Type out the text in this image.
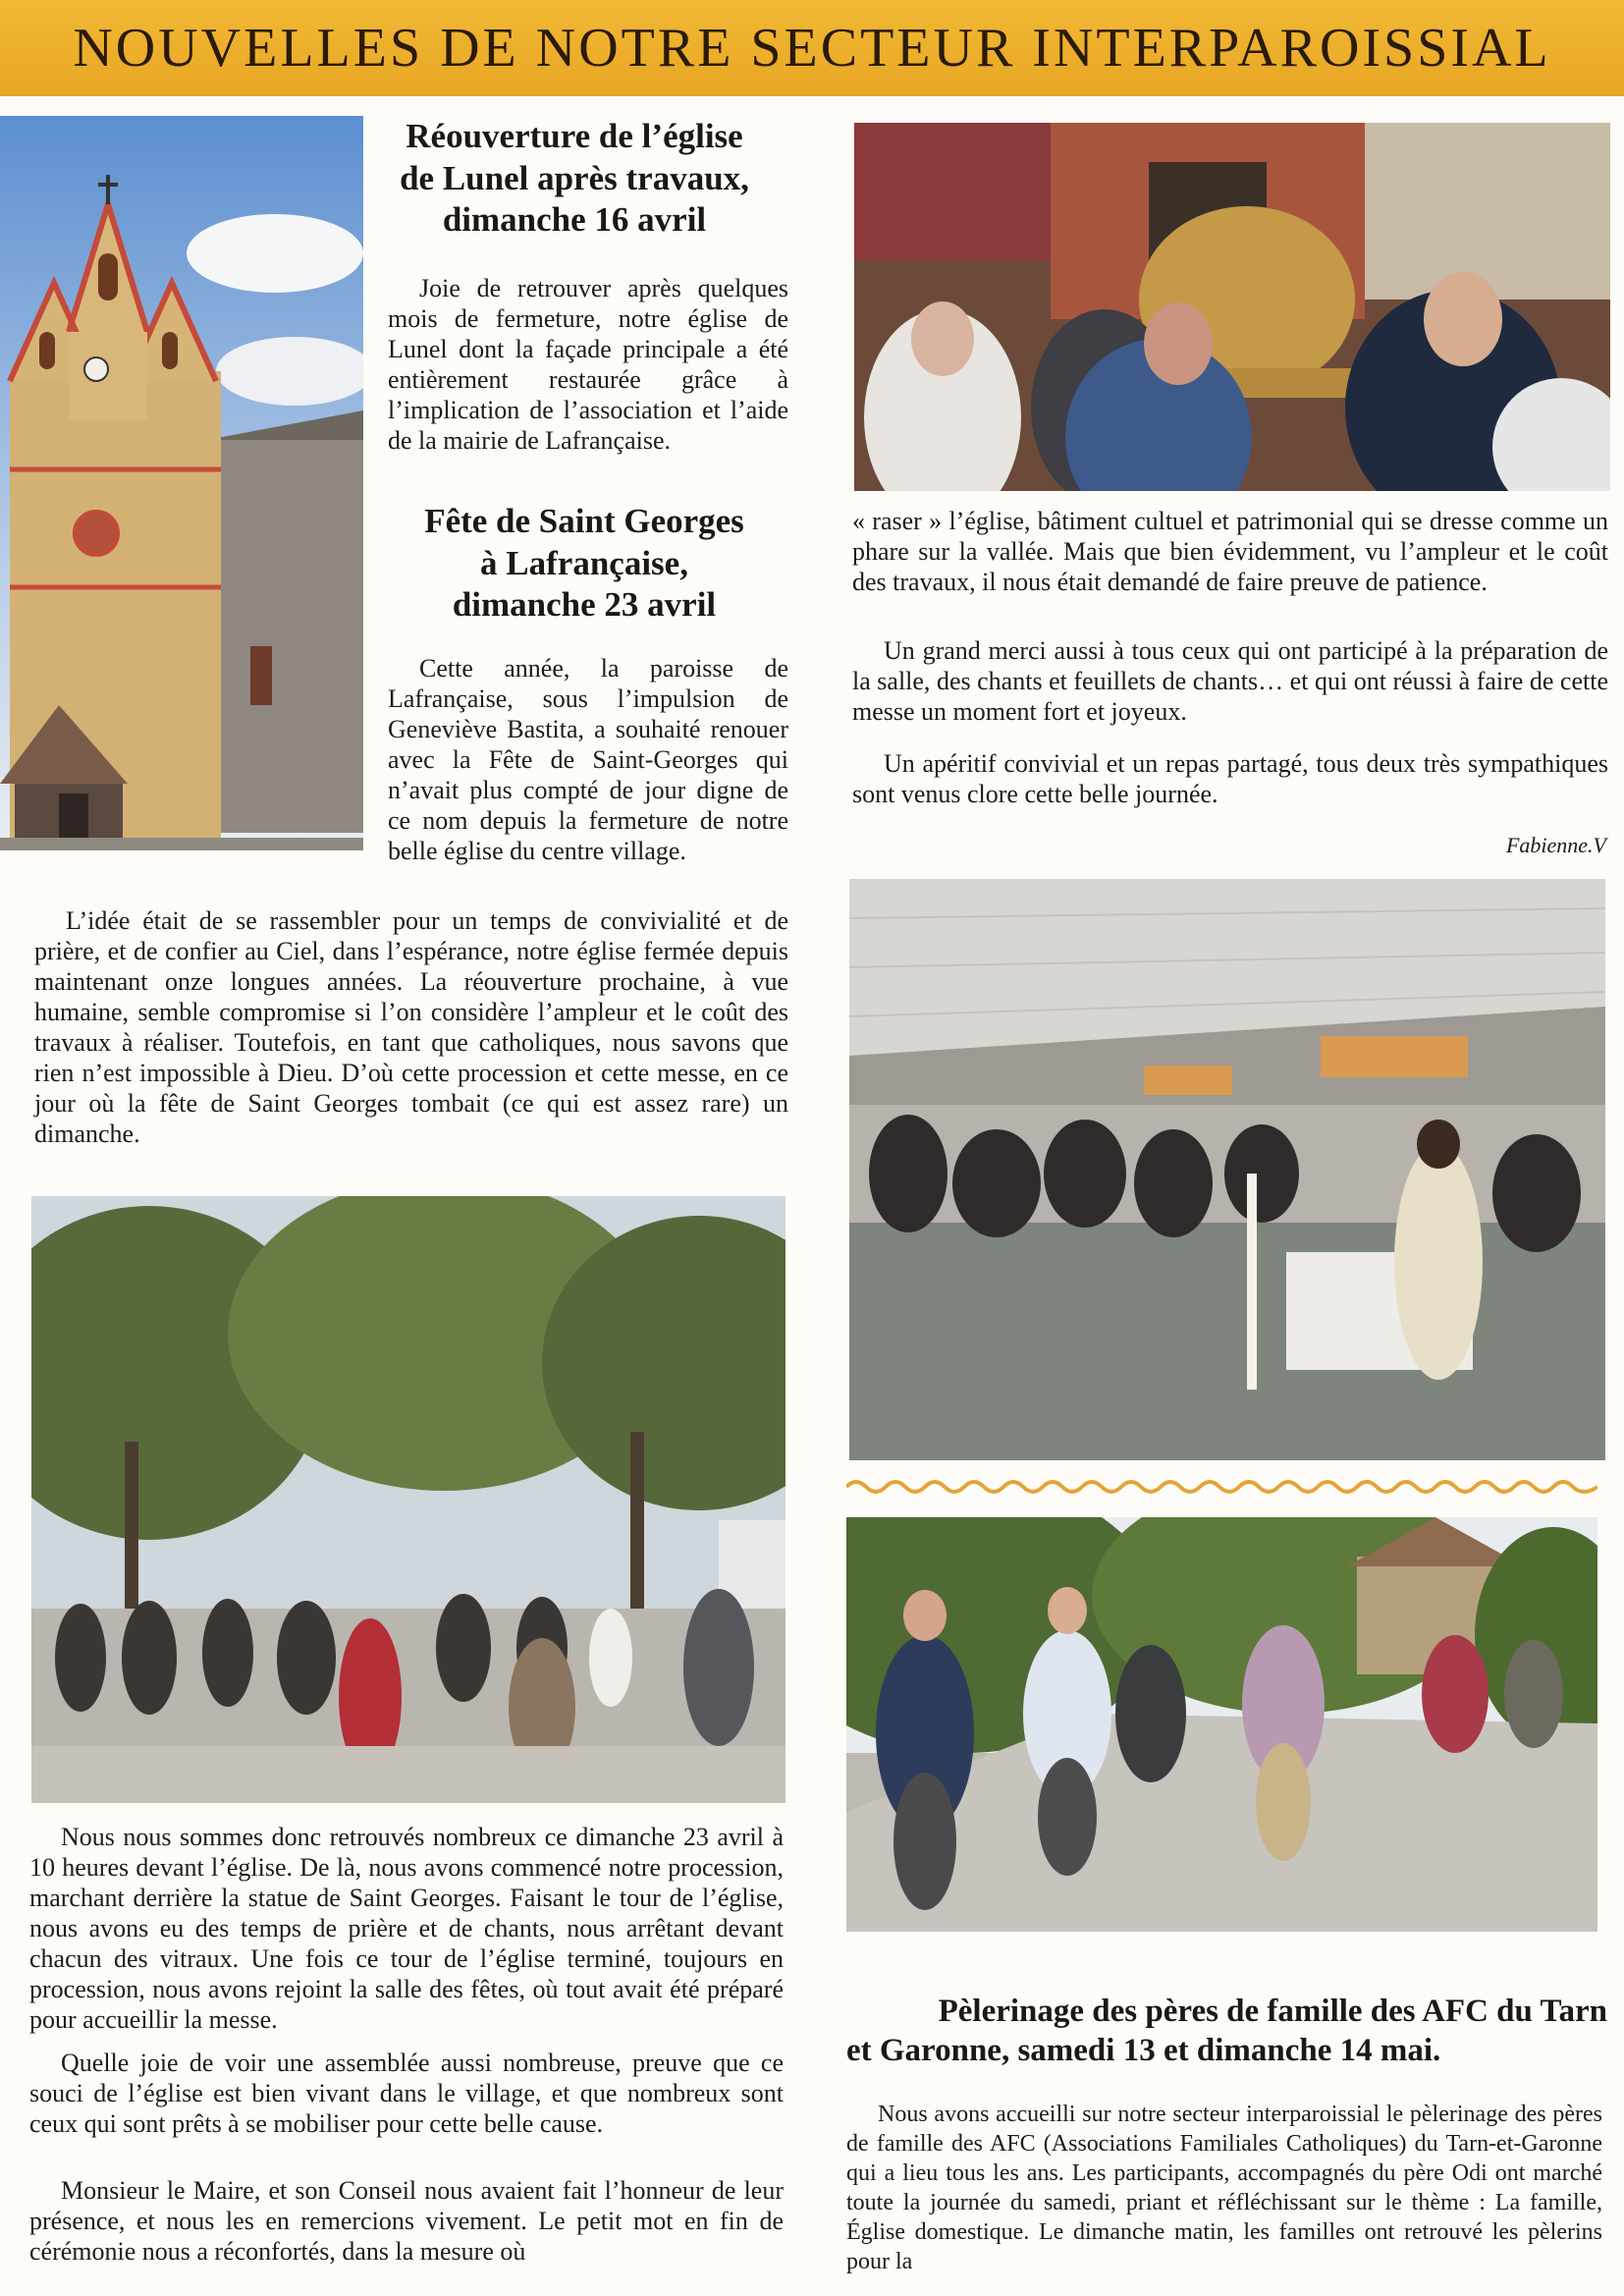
NOUVELLES DE NOTRE SECTEUR INTERPAROISSIAL

Réouverture de l’église

de Lunel après travaux,

dimanche 16 avril

Joie de retrouver après quelques mois de fermeture, notre église de Lunel dont la façade principale a été entièrement restaurée grâce à l’implication de l’association et l’aide de la mairie de Lafrançaise.

Fête de Saint Georges

à Lafrançaise,

dimanche 23 avril

Cette année, la paroisse de Lafrançaise, sous l’impulsion de Geneviève Bastita, a souhaité renouer avec la Fête de Saint-Georges qui n’avait plus compté de jour digne de ce nom depuis la fermeture de notre belle église du centre village.

L’idée était de se rassembler pour un temps de convivialité et de prière, et de confier au Ciel, dans l’espérance, notre église fermée depuis maintenant onze longues années. La réouverture prochaine, à vue humaine, semble compromise si l’on considère l’ampleur et le coût des travaux à réaliser. Toutefois, en tant que catholiques, nous savons que rien n’est impossible à Dieu. D’où cette procession et cette messe, en ce jour où la fête de Saint Georges tombait (ce qui est assez rare) un dimanche.

Nous nous sommes donc retrouvés nombreux ce dimanche 23 avril à 10 heures devant l’église. De là, nous avons commencé notre procession, marchant derrière la statue de Saint Georges. Faisant le tour de l’église, nous avons eu des temps de prière et de chants, nous arrêtant devant chacun des vitraux. Une fois ce tour de l’église terminé, toujours en procession, nous avons rejoint la salle des fêtes, où tout avait été préparé pour accueillir la messe.

Quelle joie de voir une assemblée aussi nombreuse, preuve que ce souci de l’église est bien vivant dans le village, et que nombreux sont ceux qui sont prêts à se mobiliser pour cette belle cause.

Monsieur le Maire, et son Conseil nous avaient fait l’honneur de leur présence, et nous les en remercions vivement. Le petit mot en fin de cérémonie nous a réconfortés, dans la mesure où

« raser » l’église, bâtiment cultuel et patrimonial qui se dresse comme un phare sur la vallée. Mais que bien évidemment, vu l’ampleur et le coût des travaux, il nous était demandé de faire preuve de patience.

Un grand merci aussi à tous ceux qui ont participé à la préparation de la salle, des chants et feuillets de chants… et qui ont réussi à faire de cette messe un moment fort et joyeux.

Un apéritif convivial et un repas partagé, tous deux très sympathiques sont venus clore cette belle journée.

Fabienne.V

Pèlerinage des pères de famille des AFC du Tarn

et Garonne, samedi 13 et dimanche 14 mai.

Nous avons accueilli sur notre secteur interparoissial le pèlerinage des pères de famille des AFC (Associations Familiales Catholiques) du Tarn-et-Garonne qui a lieu tous les ans. Les participants, accompagnés du père Odi ont marché toute la journée du samedi, priant et réfléchissant sur le thème : La famille, Église domestique. Le dimanche matin, les familles ont retrouvé les pèlerins pour la
